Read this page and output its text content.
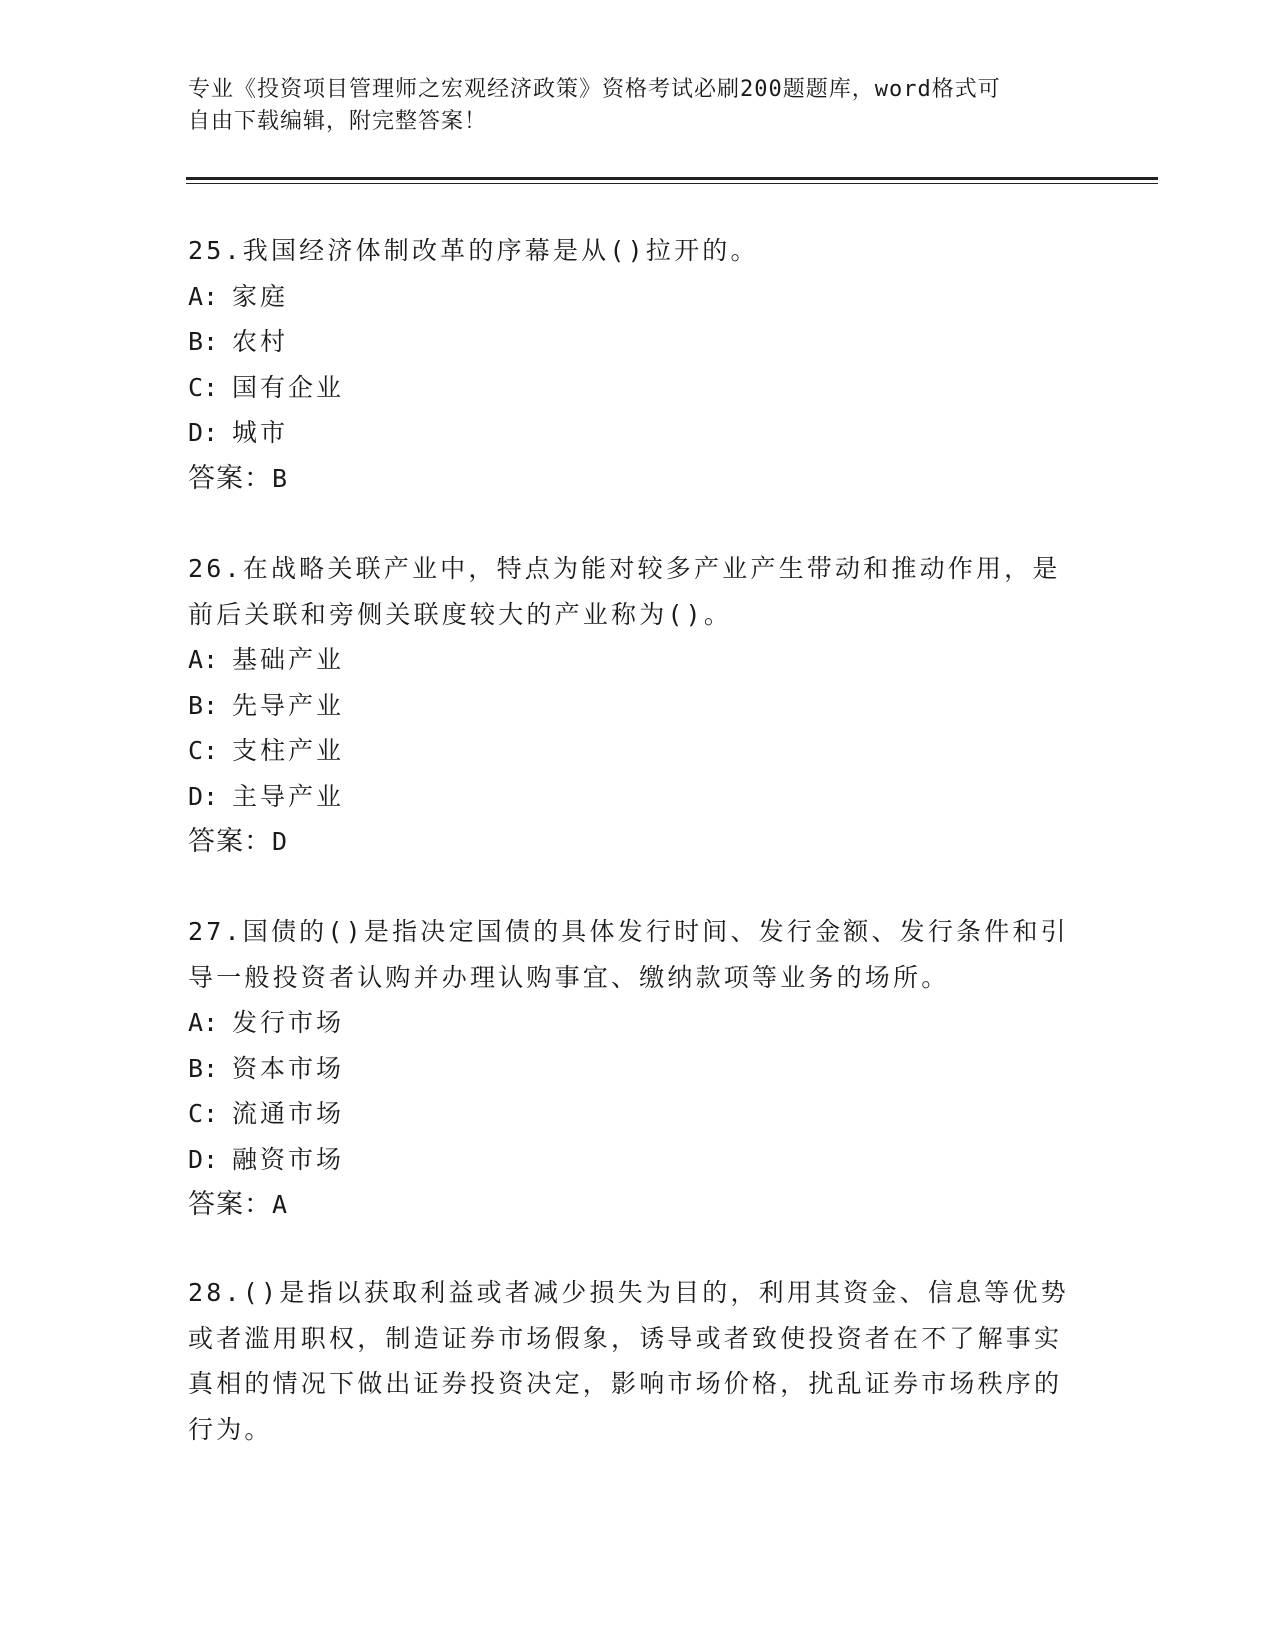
专业《投资项目管理师之宏观经济政策》资格考试必刷200题题库，word格式可

自由下载编辑，附完整答案！

25.我国经济体制改革的序幕是从()拉开的。

A: 家庭
B: 农村
C: 国有企业
D: 城市
答案：B

26.在战略关联产业中，特点为能对较多产业产生带动和推动作用，是前后关联和旁侧关联度较大的产业称为()。

A: 基础产业
B: 先导产业
C: 支柱产业
D: 主导产业
答案：D

27.国债的()是指决定国债的具体发行时间、发行金额、发行条件和引导一般投资者认购并办理认购事宜、缴纳款项等业务的场所。

A: 发行市场
B: 资本市场
C: 流通市场
D: 融资市场
答案：A

28.()是指以获取利益或者减少损失为目的，利用其资金、信息等优势或者滥用职权，制造证券市场假象，诱导或者致使投资者在不了解事实真相的情况下做出证券投资决定，影响市场价格，扰乱证券市场秩序的行为。
